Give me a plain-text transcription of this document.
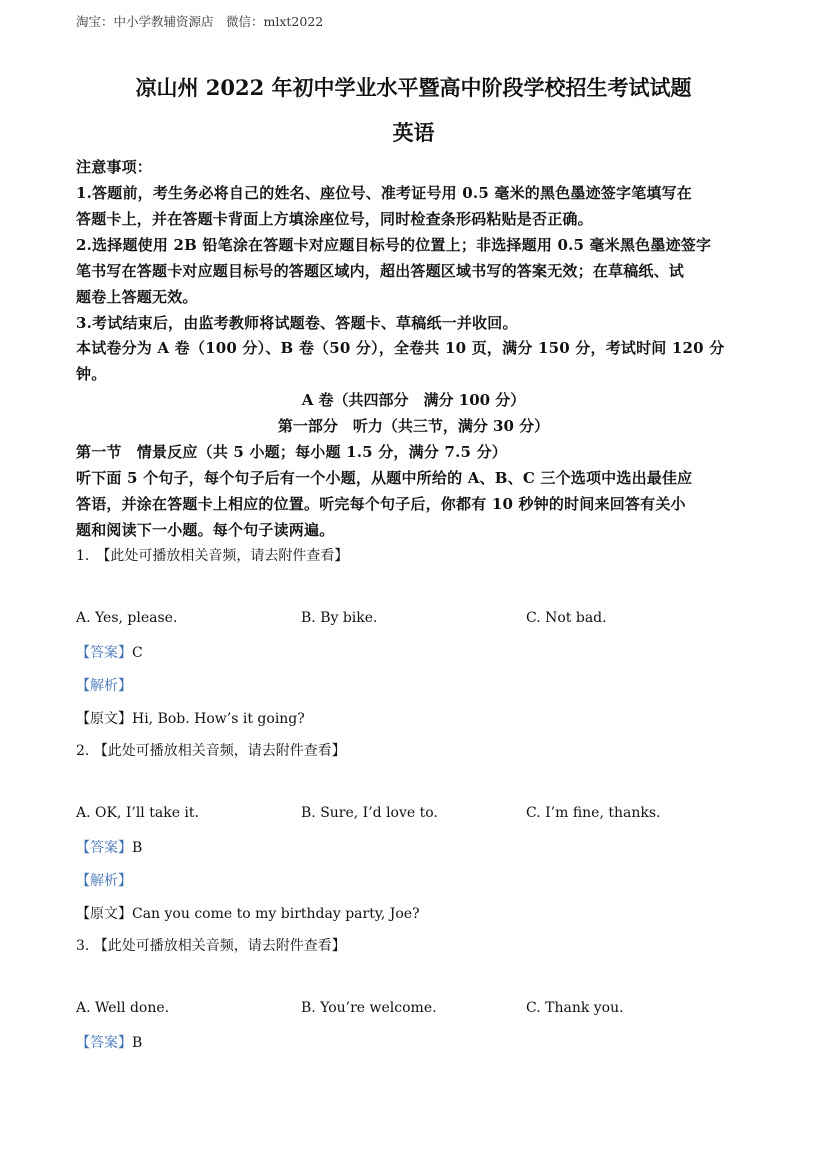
淘宝：中小学教辅资源店　微信：mlxt2022
凉山州 2022 年初中学业水平暨高中阶段学校招生考试试题
英语
注意事项：
1.答题前，考生务必将自己的姓名、座位号、准考证号用 0.5 毫米的黑色墨迹签字笔填写在
答题卡上，并在答题卡背面上方填涂座位号，同时检查条形码粘贴是否正确。
2.选择题使用 2B 铅笔涂在答题卡对应题目标号的位置上；非选择题用 0.5 毫米黑色墨迹签字
笔书写在答题卡对应题目标号的答题区域内，超出答题区域书写的答案无效；在草稿纸、试
题卷上答题无效。
3.考试结束后，由监考教师将试题卷、答题卡、草稿纸一并收回。
本试卷分为 A 卷（100 分）、B 卷（50 分），全卷共 10 页，满分 150 分，考试时间 120 分
钟。
A 卷（共四部分　满分 100 分）
第一部分　听力（共三节，满分 30 分）
第一节　情景反应（共 5 小题；每小题 1.5 分，满分 7.5 分）
听下面 5 个句子，每个句子后有一个小题，从题中所给的 A、B、C 三个选项中选出最佳应
答语，并涂在答题卡上相应的位置。听完每个句子后，你都有 10 秒钟的时间来回答有关小
题和阅读下一小题。每个句子读两遍。
1.　【此处可播放相关音频，请去附件查看】
A. Yes, please.	B. By bike.	C. Not bad.
【答案】C
【解析】
【原文】Hi, Bob. How’s it going?
2. 【此处可播放相关音频，请去附件查看】
A. OK, I’ll take it.	B. Sure, I’d love to.	C. I’m fine, thanks.
【答案】B
【解析】
【原文】Can you come to my birthday party, Joe?
3. 【此处可播放相关音频，请去附件查看】
A. Well done.	B. You’re welcome.	C. Thank you.
【答案】B
